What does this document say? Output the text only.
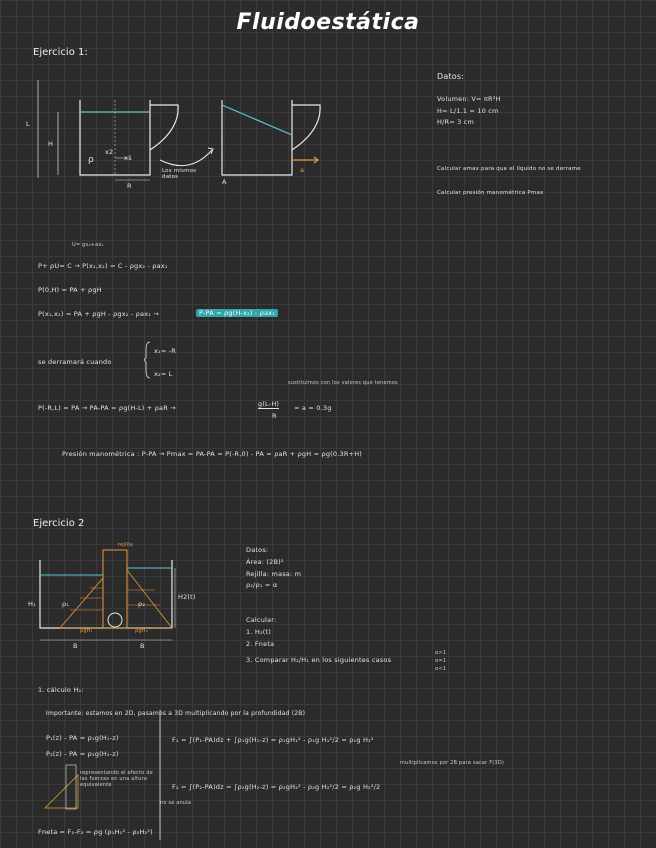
Fluidoestática
Ejercicio 1:
L
H
ρ
x2
x1
R
Los mismos datos
A
a
Datos:
Volumen: V= πR²H
H= L/1.1 = 10 cm
H/R= 3 cm
Calcular amax para que el líquido no se derrame
Calcular presión manométrica Pmax
U= gx₂+ax₁
P+ ρU= C → P(x₁,x₂) = C - ρgx₂ - ρax₁
P(0,H) = PA + ρgH
P(x₁,x₂) = PA + ρgH - ρgx₂ - ρax₁ →	P-PA = ρg(H-x₂) - ρax₁
se derramará cuando
x₁= -R
x₂= L
sustituimos con los valores que tenemos
P(-R,L) = PA → PA-PA = ρg(H-L) + ρaR →	g(L-H)
R
= a = 0.3g
Presión manométrica : P-PA → Pmax = PA-PA = P(-R,0) - PA = ρaR + ρgH = ρg(0.3R+H)
Ejercicio 2
rejilla
H₁	ρ₁	ρ₂
H2(t)
ρgH₁	ρgH₂
B	B
Datos:
Área: (2B)²
Rejilla: masa: m
ρ₂/ρ₁ = α
Calcular:
1. H₂(t)
2. Fneta
3. Comparar H₂/H₁ en los siguientes casos
α>1
α=1
α<1
1. cálculo H₂:
Importante: estamos en 2D, pasamos a 3D multiplicando por la profundidad (2B)
P₁(z) - PA = ρ₁g(H₁-z)
P₂(z) - PA = ρ₂g(H₂-z)
F₁ = ∫(P₁-PA)dz + ∫ρ₁g(H₁-z) = ρ₁gH₁² - ρ₁g H₁²/2 = ρ₁g H₁²
multiplicamos por 2B para sacar F(3D)
F₂ = ∫(P₂-PA)dz = ∫ρ₂g(H₂-z) = ρ₂gH₂² - ρ₂g H₂²/2 = ρ₂g H₂²/2
representando el efecto de las fuerzas en una altura equivalente
no se anula
Fneta = F₁-F₂ = ρg (ρ₁H₁² - ρ₂H₂²)
